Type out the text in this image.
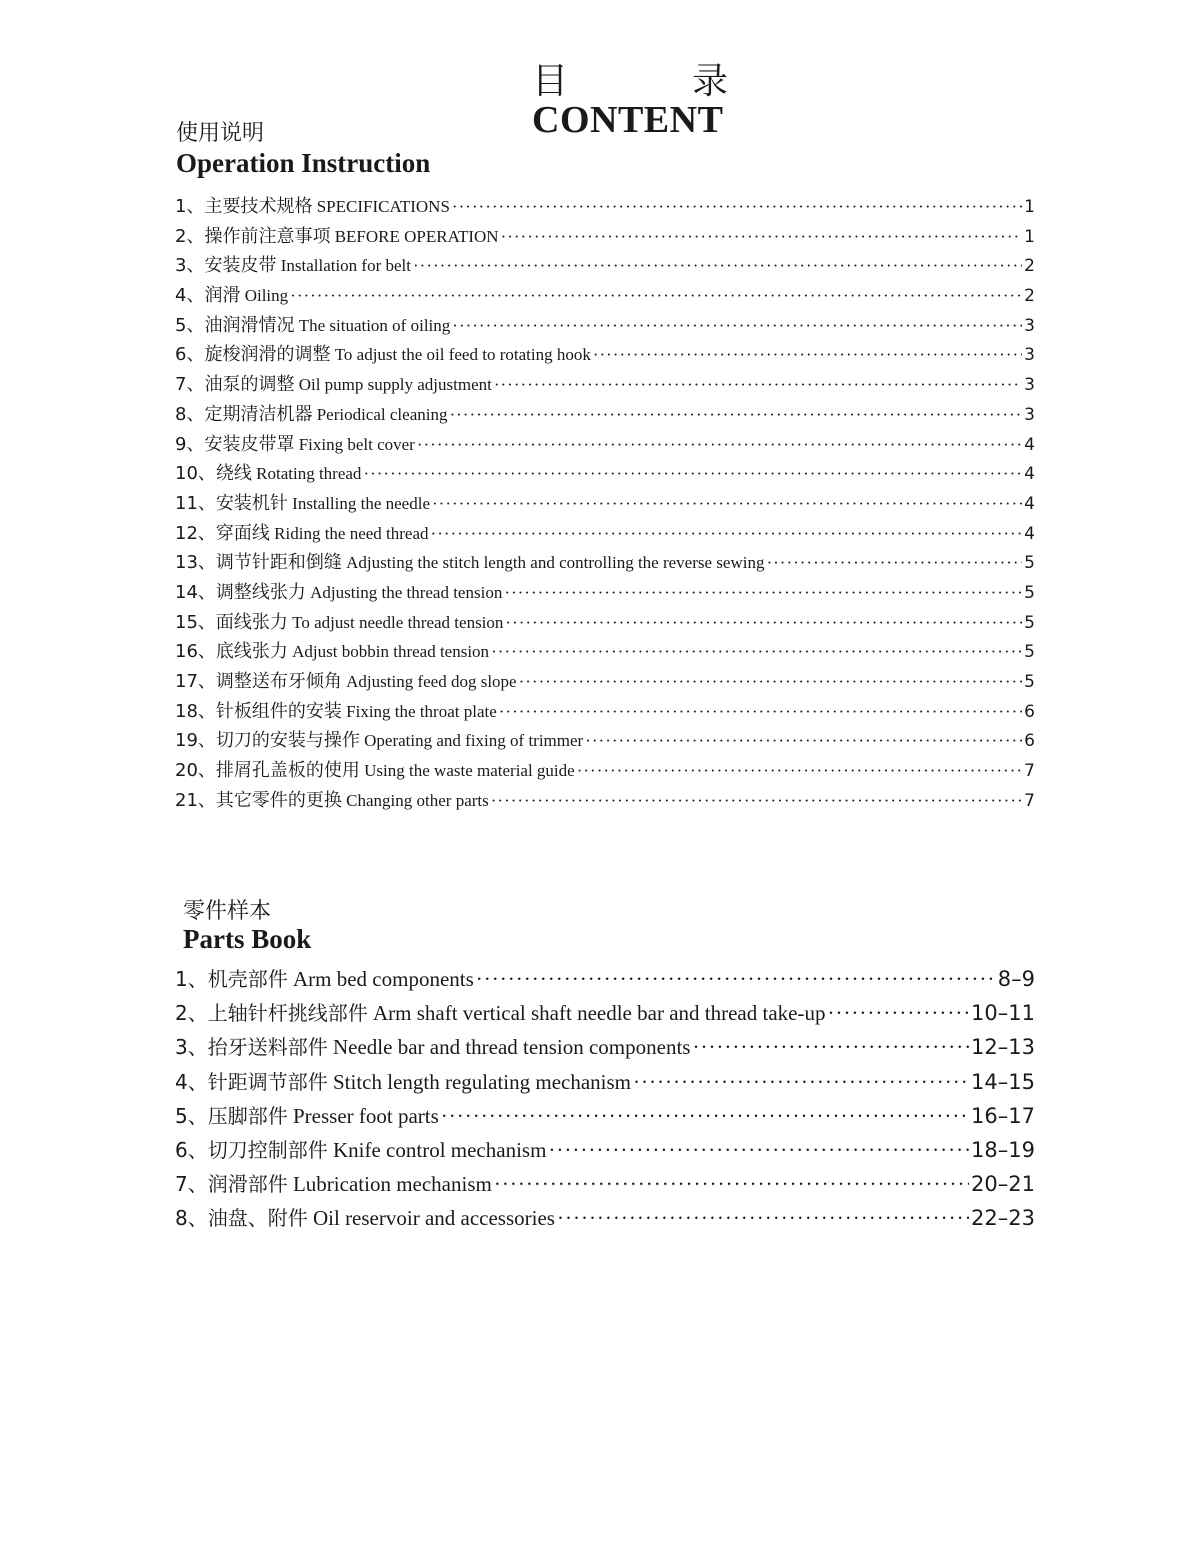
目	录
CONTENT
使用说明
Operation Instruction
1、主要技术规格 SPECIFICATIONS ·····	1
2、操作前注意事项 BEFORE OPERATION ·····	1
3、安装皮带 Installation for belt ·····	2
4、润滑 Oiling ·····	2
5、油润滑情况 The situation of oiling ·····	3
6、旋梭润滑的调整 To adjust the oil feed to rotating hook ·····	3
7、油泵的调整 Oil pump supply adjustment ·····	3
8、定期清洁机器 Periodical cleaning ·····	3
9、安装皮带罩 Fixing belt cover ·····	4
10、绕线 Rotating thread ·····	4
11、安装机针 Installing the needle ·····	4
12、穿面线 Riding the need thread ·····	4
13、调节针距和倒缝 Adjusting the stitch length and controlling the reverse sewing ·····	5
14、调整线张力 Adjusting the thread tension ·····	5
15、面线张力 To adjust needle thread tension ·····	5
16、底线张力 Adjust bobbin thread tension ·····	5
17、调整送布牙倾角 Adjusting feed dog slope ·····	5
18、针板组件的安装 Fixing the throat plate ·····	6
19、切刀的安装与操作 Operating and fixing of trimmer ·····	6
20、排屑孔盖板的使用 Using the waste material guide ·····	7
21、其它零件的更换 Changing other parts ·····	7
零件样本
Parts Book
1、机壳部件 Arm bed components ·····	8–9
2、上轴针杆挑线部件 Arm shaft vertical shaft needle bar and thread take-up ·····	10–11
3、抬牙送料部件 Needle bar and thread tension components ·····	12–13
4、针距调节部件 Stitch length regulating mechanism ·····	14–15
5、压脚部件 Presser foot parts ·····	16–17
6、切刀控制部件 Knife control mechanism ·····	18–19
7、润滑部件 Lubrication mechanism ·····	20–21
8、油盘、附件 Oil reservoir and accessories ·····	22–23
